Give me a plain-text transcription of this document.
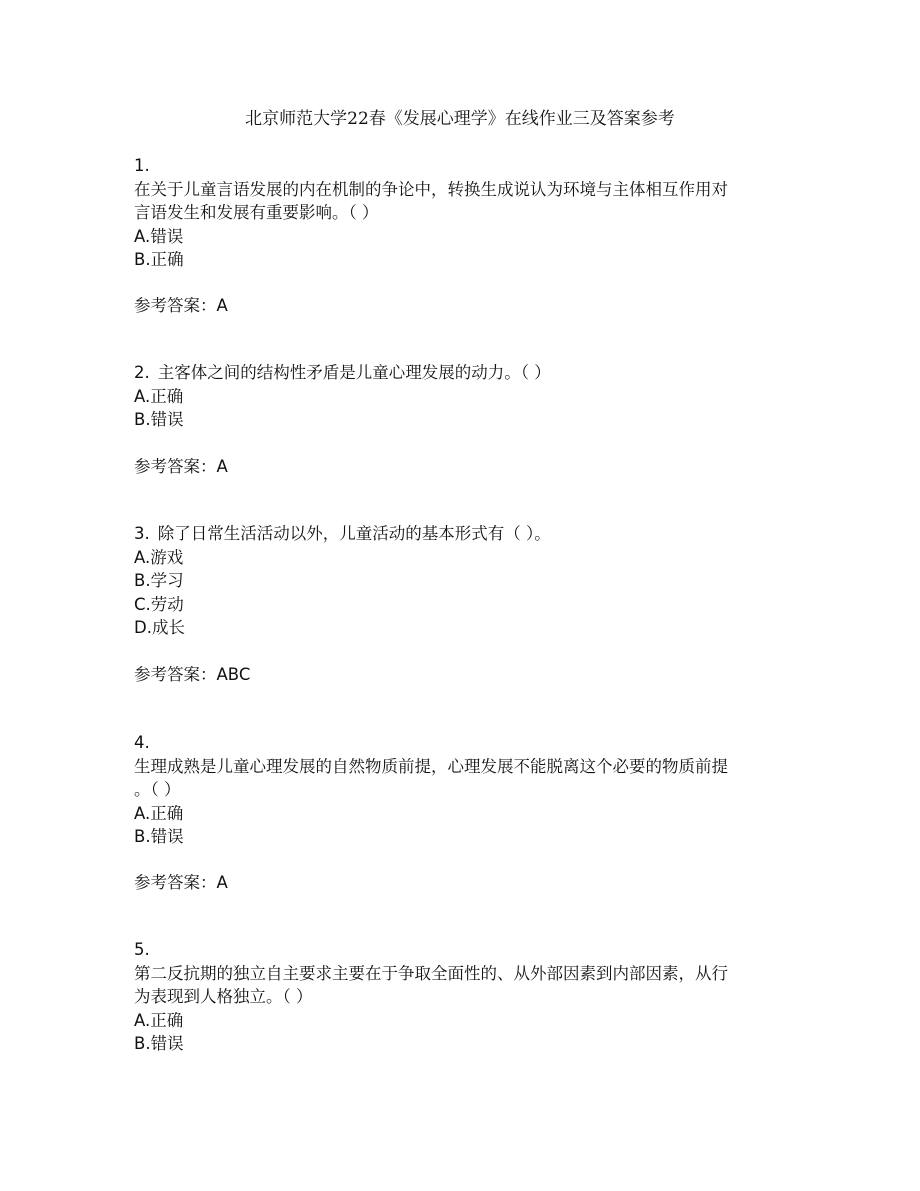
北京师范大学22春《发展心理学》在线作业三及答案参考
1.
在关于儿童言语发展的内在机制的争论中，转换生成说认为环境与主体相互作用对
言语发生和发展有重要影响。（ ）
A.错误
B.正确
参考答案：A
2. 主客体之间的结构性矛盾是儿童心理发展的动力。（ ）
A.正确
B.错误
参考答案：A
3. 除了日常生活活动以外，儿童活动的基本形式有（ ）。
A.游戏
B.学习
C.劳动
D.成长
参考答案：ABC
4.
生理成熟是儿童心理发展的自然物质前提，心理发展不能脱离这个必要的物质前提
。（ ）
A.正确
B.错误
参考答案：A
5.
第二反抗期的独立自主要求主要在于争取全面性的、从外部因素到内部因素，从行
为表现到人格独立。（ ）
A.正确
B.错误
